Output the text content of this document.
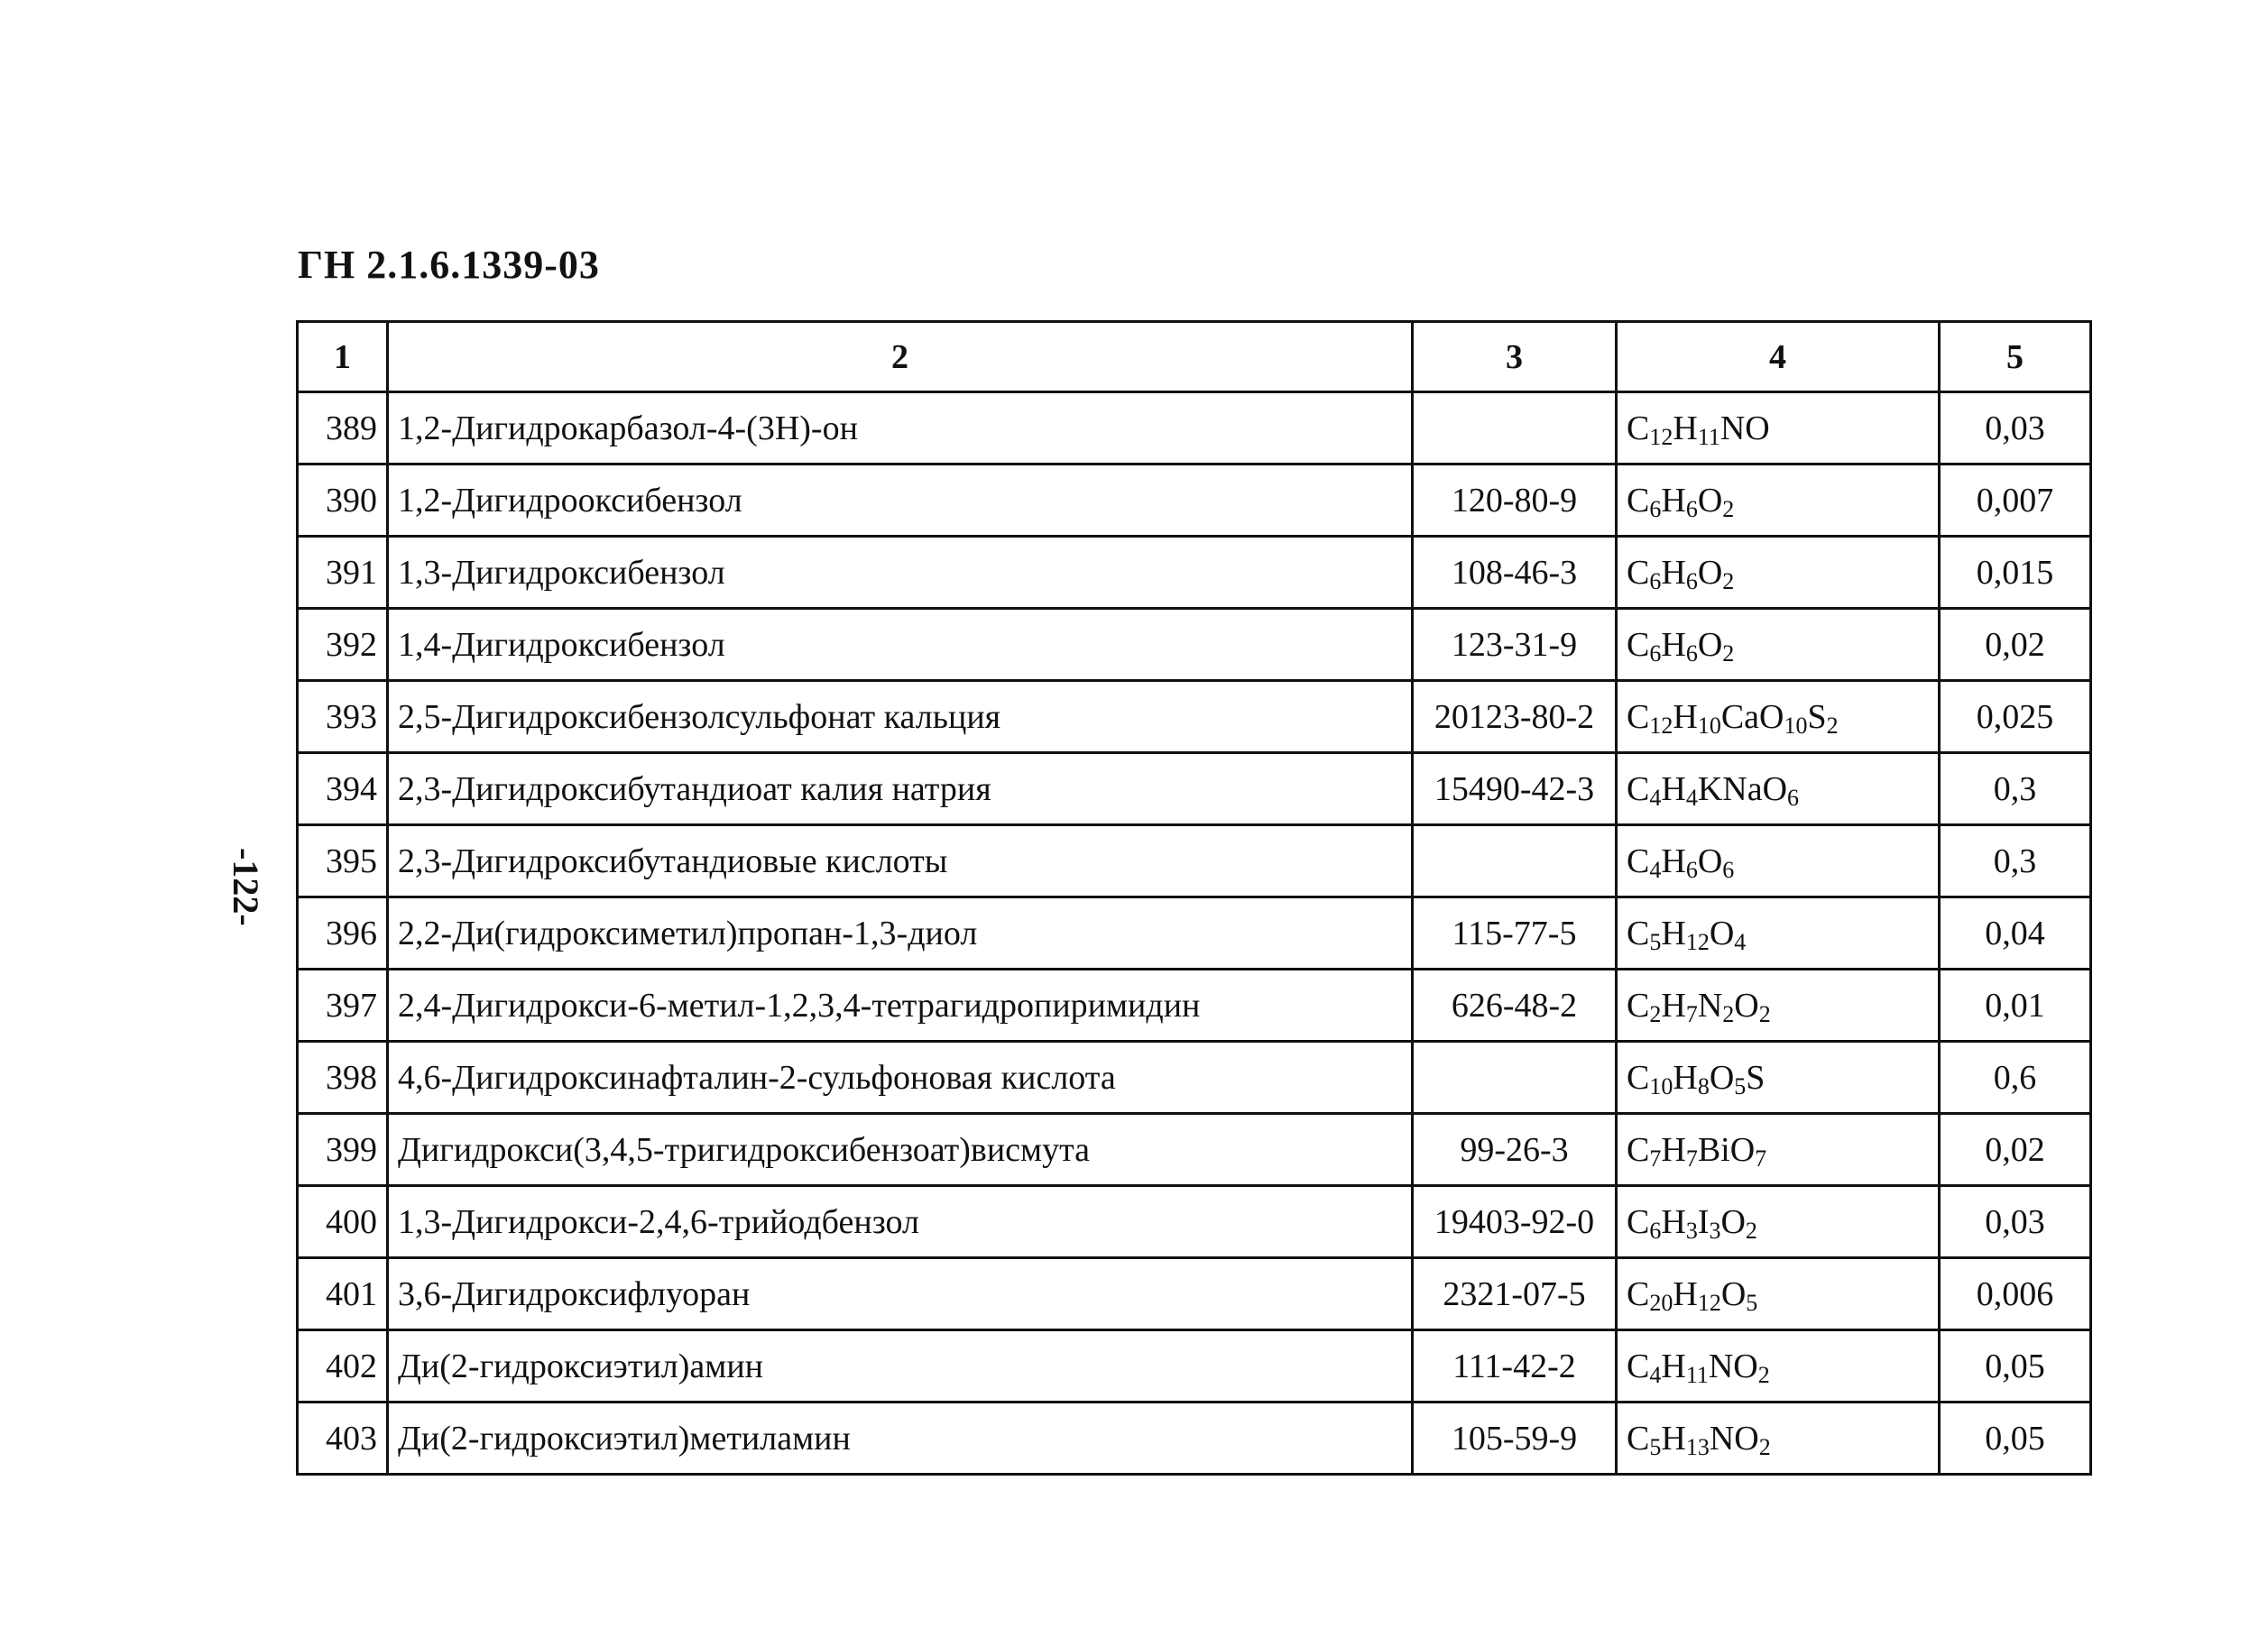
ГН 2.1.6.1339-03
-122-
1	2	3	4	5
389	1,2-Дигидрокарбазол-4-(3Н)-он		$C_{12}H_{11}NO$	0,03
390	1,2-Дигидрооксибензол	120-80-9	$C_6H_6O_2$	0,007
391	1,3-Дигидроксибензол	108-46-3	$C_6H_6O_2$	0,015
392	1,4-Дигидроксибензол	123-31-9	$C_6H_6O_2$	0,02
393	2,5-Дигидроксибензолсульфонат кальция	20123-80-2	$C_{12}H_{10}CaO_{10}S_2$	0,025
394	2,3-Дигидроксибутандиоат калия натрия	15490-42-3	$C_4H_4KNaO_6$	0,3
395	2,3-Дигидроксибутандиовые кислоты		$C_4H_6O_6$	0,3
396	2,2-Ди(гидроксиметил)пропан-1,3-диол	115-77-5	$C_5H_{12}O_4$	0,04
397	2,4-Дигидрокси-6-метил-1,2,3,4-тетрагидропиримидин	626-48-2	$C_2H_7N_2O_2$	0,01
398	4,6-Дигидроксинафталин-2-сульфоновая кислота		$C_{10}H_8O_5S$	0,6
399	Дигидрокси(3,4,5-тригидроксибензоат)висмута	99-26-3	$C_7H_7BiO_7$	0,02
400	1,3-Дигидрокси-2,4,6-трийодбензол	19403-92-0	$C_6H_3I_3O_2$	0,03
401	3,6-Дигидроксифлуоран	2321-07-5	$C_{20}H_{12}O_5$	0,006
402	Ди(2-гидроксиэтил)амин	111-42-2	$C_4H_{11}NO_2$	0,05
403	Ди(2-гидроксиэтил)метиламин	105-59-9	$C_5H_{13}NO_2$	0,05
